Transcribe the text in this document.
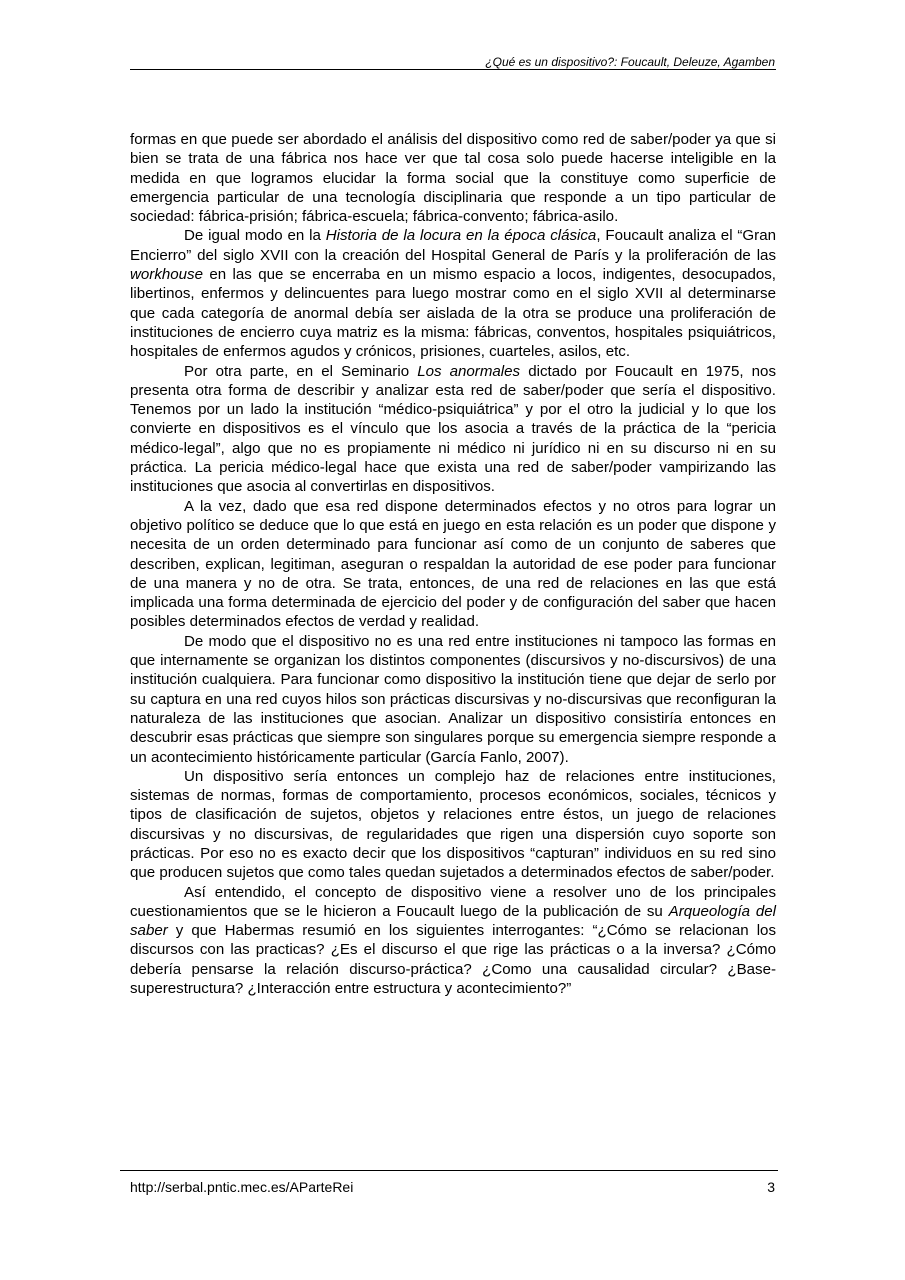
¿Qué es un dispositivo?: Foucault, Deleuze, Agamben

formas en que puede ser abordado el análisis del dispositivo como red de saber/poder ya que si bien se trata de una fábrica nos hace ver que tal cosa solo puede hacerse inteligible en la medida en que logramos elucidar la forma social que la constituye como superficie de emergencia particular de una tecnología disciplinaria que responde a un tipo particular de sociedad: fábrica-prisión; fábrica-escuela; fábrica-convento; fábrica-asilo.

De igual modo en la Historia de la locura en la época clásica, Foucault analiza el “Gran Encierro” del siglo XVII con la creación del Hospital General de París y la proliferación de las workhouse en las que se encerraba en un mismo espacio a locos, indigentes, desocupados, libertinos, enfermos y delincuentes para luego mostrar como en el siglo XVII al determinarse que cada categoría de anormal debía ser aislada de la otra se produce una proliferación de instituciones de encierro cuya matriz es la misma: fábricas, conventos, hospitales psiquiátricos, hospitales de enfermos agudos y crónicos, prisiones, cuarteles, asilos, etc.

Por otra parte, en el Seminario Los anormales dictado por Foucault en 1975, nos presenta otra forma de describir y analizar esta red de saber/poder que sería el dispositivo. Tenemos por un lado la institución “médico-psiquiátrica” y por el otro la judicial y lo que los convierte en dispositivos es el vínculo que los asocia a través de la práctica de la “pericia médico-legal”, algo que no es propiamente ni médico ni jurídico ni en su discurso ni en su práctica. La pericia médico-legal hace que exista una red de saber/poder vampirizando las instituciones que asocia al convertirlas en dispositivos.

A la vez, dado que esa red dispone determinados efectos y no otros para lograr un objetivo político se deduce que lo que está en juego en esta relación es un poder que dispone y necesita de un orden determinado para funcionar así como de un conjunto de saberes que describen, explican, legitiman, aseguran o respaldan la autoridad de ese poder para funcionar de una manera y no de otra. Se trata, entonces, de una red de relaciones en las que está implicada una forma determinada de ejercicio del poder y de configuración del saber que hacen posibles determinados efectos de verdad y realidad.

De modo que el dispositivo no es una red entre instituciones ni tampoco las formas en que internamente se organizan los distintos componentes (discursivos y no-discursivos) de una institución cualquiera. Para funcionar como dispositivo la institución tiene que dejar de serlo por su captura en una red cuyos hilos son prácticas discursivas y no-discursivas que reconfiguran la naturaleza de las instituciones que asocian. Analizar un dispositivo consistiría entonces en descubrir esas prácticas que siempre son singulares porque su emergencia siempre responde a un acontecimiento históricamente particular (García Fanlo, 2007).

Un dispositivo sería entonces un complejo haz de relaciones entre instituciones, sistemas de normas, formas de comportamiento, procesos económicos, sociales, técnicos y tipos de clasificación de sujetos, objetos y relaciones entre éstos, un juego de relaciones discursivas y no discursivas, de regularidades que rigen una dispersión cuyo soporte son prácticas. Por eso no es exacto decir que los dispositivos “capturan” individuos en su red sino que producen sujetos que como tales quedan sujetados a determinados efectos de saber/poder.

Así entendido, el concepto de dispositivo viene a resolver uno de los principales cuestionamientos que se le hicieron a Foucault luego de la publicación de su Arqueología del saber y que Habermas resumió en los siguientes interrogantes: “¿Cómo se relacionan los discursos con las practicas? ¿Es el discurso el que rige las prácticas o a la inversa? ¿Cómo debería pensarse la relación discurso-práctica? ¿Como una causalidad circular? ¿Base-superestructura? ¿Interacción entre estructura y acontecimiento?”

http://serbal.pntic.mec.es/AParteRei	3
